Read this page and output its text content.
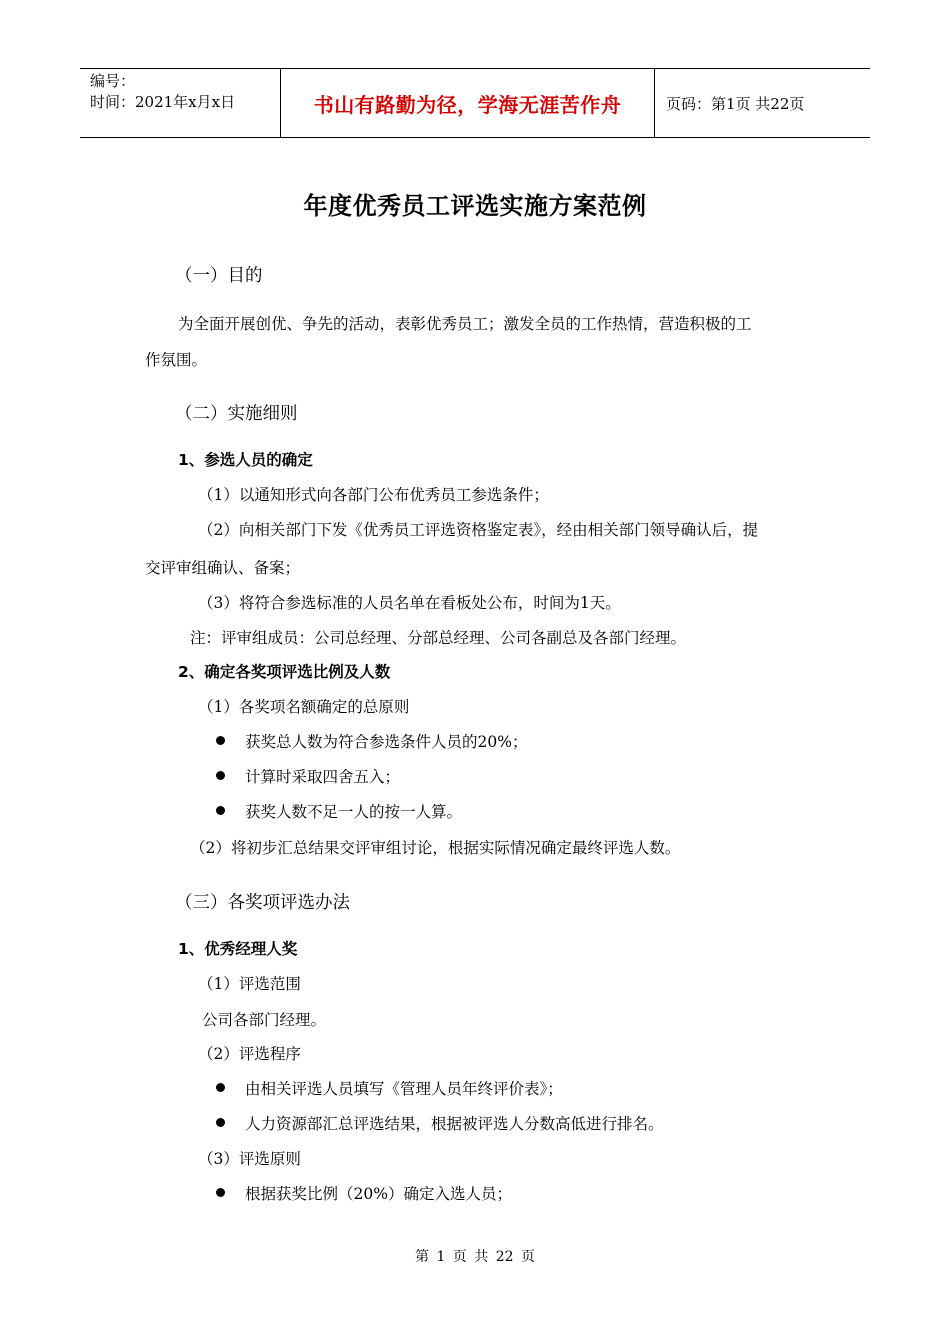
编号：
时间：2021年x月x日	书山有路勤为径，学海无涯苦作舟	页码：第1页 共22页
年度优秀员工评选实施方案范例
（一）目的
为全面开展创优、争先的活动，表彰优秀员工；激发全员的工作热情，营造积极的工
作氛围。
（二）实施细则
1、参选人员的确定
（1）以通知形式向各部门公布优秀员工参选条件；
（2）向相关部门下发《优秀员工评选资格鉴定表》，经由相关部门领导确认后，提
交评审组确认、备案；
（3）将符合参选标准的人员名单在看板处公布，时间为1天。
注：评审组成员：公司总经理、分部总经理、公司各副总及各部门经理。
2、确定各奖项评选比例及人数
（1）各奖项名额确定的总原则
获奖总人数为符合参选条件人员的20%；
计算时采取四舍五入；
获奖人数不足一人的按一人算。
（2）将初步汇总结果交评审组讨论，根据实际情况确定最终评选人数。
（三）各奖项评选办法
1、优秀经理人奖
（1）评选范围
公司各部门经理。
（2）评选程序
由相关评选人员填写《管理人员年终评价表》；
人力资源部汇总评选结果，根据被评选人分数高低进行排名。
（3）评选原则
根据获奖比例（20%）确定入选人员；
第 1 页 共 22 页
